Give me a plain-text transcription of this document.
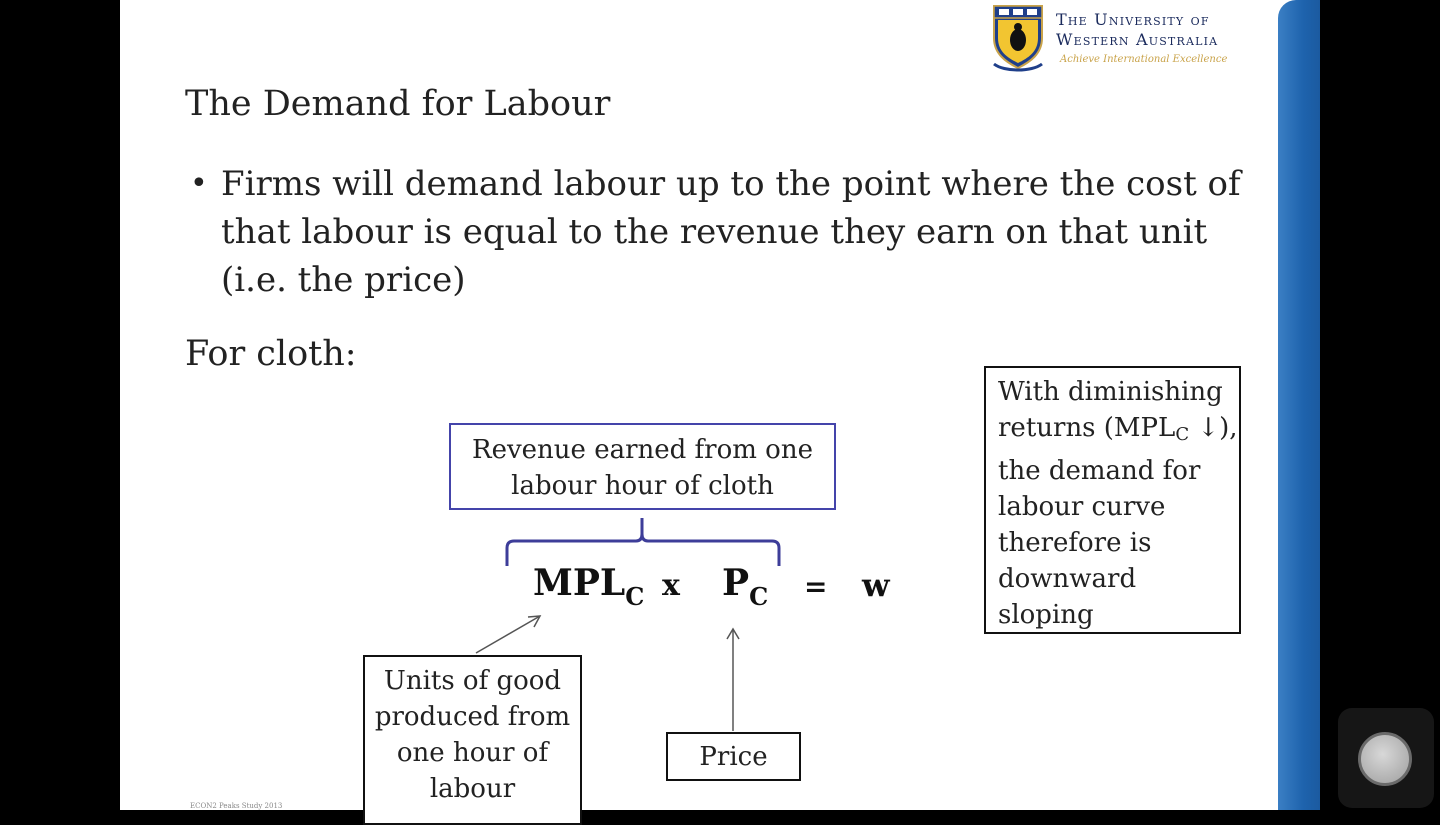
The University of
Western Australia
Achieve International Excellence
The Demand for Labour
• Firms will demand labour up to the point where the cost of that labour is equal to the revenue they earn on that unit (i.e. the price)
For cloth:
Revenue earned from one
labour hour of cloth
$MPL_C$ x $P_C = w$
Units of good
produced from
one hour of
labour
Price
With diminishing
returns ($MPL_C$ ↓),
the demand for
labour curve
therefore is
downward sloping
ECON2 Peaks Study 2013
